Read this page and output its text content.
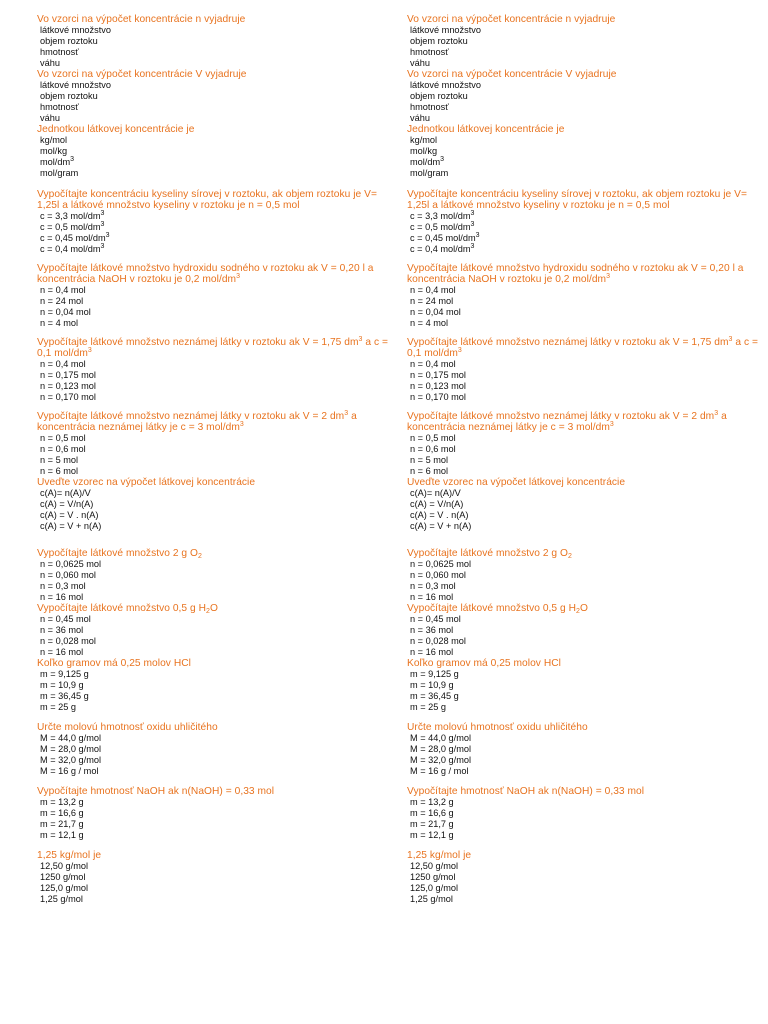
Vo vzorci na výpočet koncentrácie n vyjadruje
látkové množstvo
objem roztoku
hmotnosť
váhu
Vo vzorci na výpočet koncentrácie V vyjadruje
látkové množstvo
objem roztoku
hmotnosť
váhu
Jednotkou látkovej koncentrácie je
kg/mol
mol/kg
mol/$dm^3$
mol/gram
Vypočítajte koncentráciu kyseliny sírovej v roztoku, ak objem roztoku je V= 1,25l a látkové množstvo kyseliny v roztoku je n = 0,5 mol
c = 3,3 mol/$dm^3$
c = 0,5 mol/$dm^3$
c = 0,45 mol/$dm^3$
c = 0,4 mol/$dm^3$
Vypočítajte látkové množstvo hydroxidu sodného v roztoku ak V = 0,20 l a koncentrácia NaOH v roztoku je 0,2 mol/$dm^3$
n = 0,4 mol
n = 24 mol
n = 0,04 mol
n = 4 mol
Vypočítajte látkové množstvo neznámej látky v roztoku ak V = 1,75 $dm^3$ a c = 0,1 mol/$dm^3$
n = 0,4 mol
n = 0,175 mol
n = 0,123 mol
n = 0,170 mol
Vypočítajte látkové množstvo neznámej látky v roztoku ak V = 2 $dm^3$ a koncentrácia neznámej látky je c = 3 mol/$dm^3$
n = 0,5 mol
n = 0,6 mol
n = 5 mol
n = 6 mol
Uveďte vzorec na výpočet látkovej koncentrácie
c(A)= n(A)/V
c(A) = V/n(A)
c(A) = V . n(A)
c(A) = V + n(A)
Vypočítajte látkové množstvo 2 g $O_2$
n = 0,0625 mol
n = 0,060 mol
n = 0,3 mol
n = 16 mol
Vypočítajte látkové množstvo 0,5 g $H_2O$
n = 0,45 mol
n = 36 mol
n = 0,028 mol
n = 16 mol
Koľko gramov má 0,25 molov HCl
m = 9,125 g
m = 10,9 g
m = 36,45 g
m = 25 g
Určte molovú hmotnosť oxidu uhličitého
M = 44,0 g/mol
M = 28,0 g/mol
M = 32,0 g/mol
M = 16 g / mol
Vypočítajte hmotnosť NaOH ak n(NaOH) = 0,33 mol
m = 13,2 g
m = 16,6 g
m = 21,7 g
m = 12,1 g
1,25 kg/mol je
12,50 g/mol
1250 g/mol
125,0 g/mol
1,25 g/mol
Vo vzorci na výpočet koncentrácie n vyjadruje
látkové množstvo
objem roztoku
hmotnosť
váhu
Vo vzorci na výpočet koncentrácie V vyjadruje
látkové množstvo
objem roztoku
hmotnosť
váhu
Jednotkou látkovej koncentrácie je
kg/mol
mol/kg
mol/$dm^3$
mol/gram
Vypočítajte koncentráciu kyseliny sírovej v roztoku, ak objem roztoku je V= 1,25l a látkové množstvo kyseliny v roztoku je n = 0,5 mol
c = 3,3 mol/$dm^3$
c = 0,5 mol/$dm^3$
c = 0,45 mol/$dm^3$
c = 0,4 mol/$dm^3$
Vypočítajte látkové množstvo hydroxidu sodného v roztoku ak V = 0,20 l a koncentrácia NaOH v roztoku je 0,2 mol/$dm^3$
n = 0,4 mol
n = 24 mol
n = 0,04 mol
n = 4 mol
Vypočítajte látkové množstvo neznámej látky v roztoku ak V = 1,75 $dm^3$ a c = 0,1 mol/$dm^3$
n = 0,4 mol
n = 0,175 mol
n = 0,123 mol
n = 0,170 mol
Vypočítajte látkové množstvo neznámej látky v roztoku ak V = 2 $dm^3$ a koncentrácia neznámej látky je c = 3 mol/$dm^3$
n = 0,5 mol
n = 0,6 mol
n = 5 mol
n = 6 mol
Uveďte vzorec na výpočet látkovej koncentrácie
c(A)= n(A)/V
c(A) = V/n(A)
c(A) = V . n(A)
c(A) = V + n(A)
Vypočítajte látkové množstvo 2 g $O_2$
n = 0,0625 mol
n = 0,060 mol
n = 0,3 mol
n = 16 mol
Vypočítajte látkové množstvo 0,5 g $H_2O$
n = 0,45 mol
n = 36 mol
n = 0,028 mol
n = 16 mol
Koľko gramov má 0,25 molov HCl
m = 9,125 g
m = 10,9 g
m = 36,45 g
m = 25 g
Určte molovú hmotnosť oxidu uhličitého
M = 44,0 g/mol
M = 28,0 g/mol
M = 32,0 g/mol
M = 16 g / mol
Vypočítajte hmotnosť NaOH ak n(NaOH) = 0,33 mol
m = 13,2 g
m = 16,6 g
m = 21,7 g
m = 12,1 g
1,25 kg/mol je
12,50 g/mol
1250 g/mol
125,0 g/mol
1,25 g/mol
